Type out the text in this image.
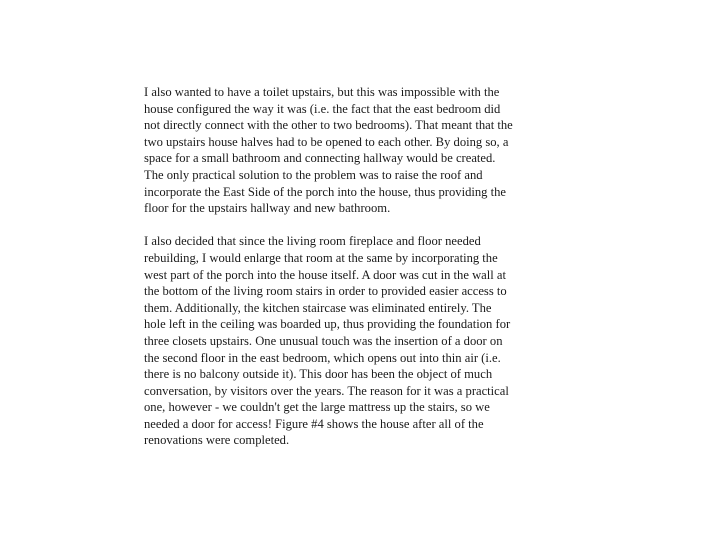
I also wanted to have a toilet upstairs, but this was impossible with the
house configured the way it was (i.e. the fact that the east bedroom did
not directly connect with the other to two bedrooms). That meant that the
two upstairs house halves had to be opened to each other. By doing so, a
space for a small bathroom and connecting hallway would be created.
The only practical solution to the problem was to raise the roof and
incorporate the East Side of the porch into the house, thus providing the
floor for the upstairs hallway and new bathroom.

I also decided that since the living room fireplace and floor needed
rebuilding, I would enlarge that room at the same by incorporating the
west part of the porch into the house itself. A door was cut in the wall at
the bottom of the living room stairs in order to provided easier access to
them. Additionally, the kitchen staircase was eliminated entirely. The
hole left in the ceiling was boarded up, thus providing the foundation for
three closets upstairs. One unusual touch was the insertion of a door on
the second floor in the east bedroom, which opens out into thin air (i.e.
there is no balcony outside it). This door has been the object of much
conversation, by visitors over the years. The reason for it was a practical
one, however - we couldn't get the large mattress up the stairs, so we
needed a door for access! Figure #4 shows the house after all of the
renovations were completed.
